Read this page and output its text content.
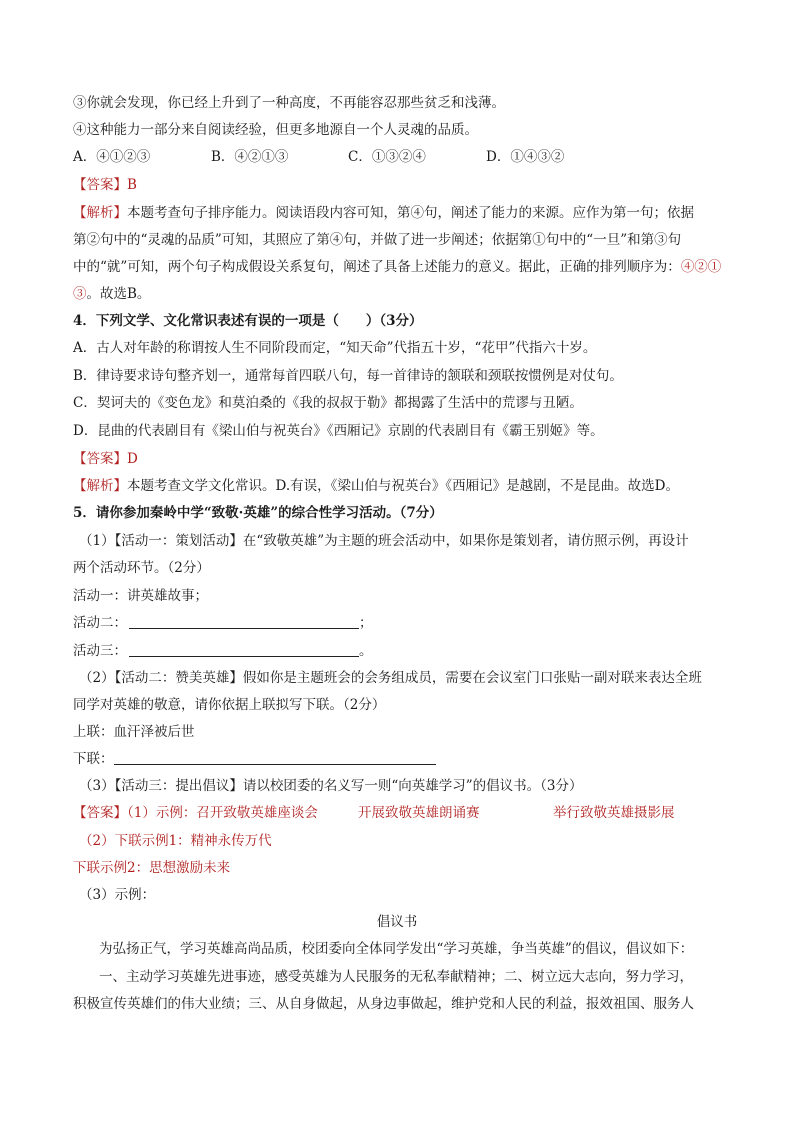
③你就会发现，你已经上升到了一种高度，不再能容忍那些贫乏和浅薄。
④这种能力一部分来自阅读经验，但更多地源自一个人灵魂的品质。
A．④①②③	B．④②①③	C．①③②④	D．①④③②
【答案】B
【解析】本题考查句子排序能力。阅读语段内容可知，第④句，阐述了能力的来源。应作为第一句；依据
第②句中的“灵魂的品质”可知，其照应了第④句，并做了进一步阐述；依据第①句中的“一旦”和第③句
中的“就”可知，两个句子构成假设关系复句，阐述了具备上述能力的意义。据此，正确的排列顺序为：④②①
③。故选B。
4．下列文学、文化常识表述有误的一项是（　　）（3分）
A．古人对年龄的称谓按人生不同阶段而定，“知天命”代指五十岁，“花甲”代指六十岁。
B．律诗要求诗句整齐划一，通常每首四联八句，每一首律诗的颔联和颈联按惯例是对仗句。
C．契诃夫的《变色龙》和莫泊桑的《我的叔叔于勒》都揭露了生活中的荒谬与丑陋。
D．昆曲的代表剧目有《梁山伯与祝英台》《西厢记》京剧的代表剧目有《霸王别姬》等。
【答案】D
【解析】本题考查文学文化常识。D.有误，《梁山伯与祝英台》《西厢记》是越剧，不是昆曲。故选D。
5．请你参加秦岭中学“致敬·英雄”的综合性学习活动。（7分）
（1）【活动一：策划活动】在“致敬英雄”为主题的班会活动中，如果你是策划者，请仿照示例，再设计
两个活动环节。（2分）
活动一：讲英雄故事；
活动二：	；
活动三：	。
（2）【活动二：赞美英雄】假如你是主题班会的会务组成员，需要在会议室门口张贴一副对联来表达全班
同学对英雄的敬意，请你依据上联拟写下联。（2分）
上联：血汗泽被后世
下联：
（3）【活动三：提出倡议】请以校团委的名义写一则“向英雄学习”的倡议书。（3分）
【答案】（1）示例：召开致敬英雄座谈会	开展致敬英雄朗诵赛	举行致敬英雄摄影展
（2）下联示例1：精神永传万代
下联示例2：思想激励未来
（3）示例：
倡议书
为弘扬正气，学习英雄高尚品质，校团委向全体同学发出“学习英雄，争当英雄”的倡议，倡议如下：
一、主动学习英雄先进事迹，感受英雄为人民服务的无私奉献精神；二、树立远大志向，努力学习，
积极宣传英雄们的伟大业绩；三、从自身做起，从身边事做起，维护党和人民的利益，报效祖国、服务人
